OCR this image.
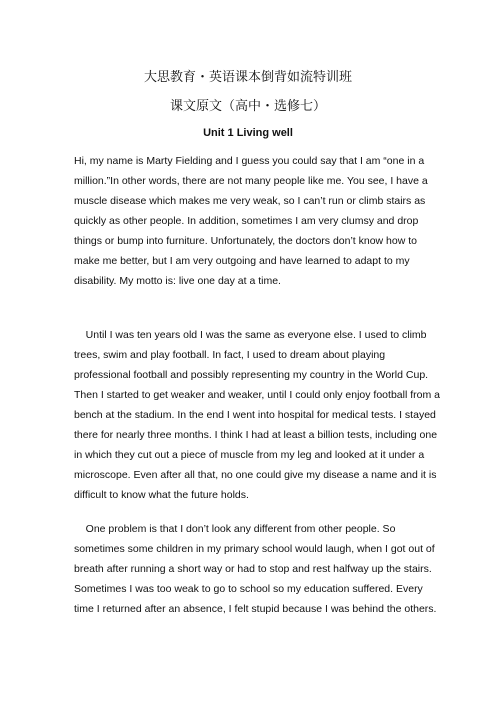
大思教育・英语课本倒背如流特训班
课文原文（高中・选修七）
Unit 1 Living well

Hi, my name is Marty Fielding and I guess you could say that I am “one in a
million.”In other words, there are not many people like me. You see, I have a
muscle disease which makes me very weak, so I can’t run or climb stairs as
quickly as other people. In addition, sometimes I am very clumsy and drop
things or bump into furniture. Unfortunately, the doctors don’t know how to
make me better, but I am very outgoing and have learned to adapt to my
disability. My motto is: live one day at a time.

Until I was ten years old I was the same as everyone else. I used to climb
trees, swim and play football. In fact, I used to dream about playing
professional football and possibly representing my country in the World Cup.
Then I started to get weaker and weaker, until I could only enjoy football from a
bench at the stadium. In the end I went into hospital for medical tests. I stayed
there for nearly three months. I think I had at least a billion tests, including one
in which they cut out a piece of muscle from my leg and looked at it under a
microscope. Even after all that, no one could give my disease a name and it is
difficult to know what the future holds.

One problem is that I don’t look any different from other people. So
sometimes some children in my primary school would laugh, when I got out of
breath after running a short way or had to stop and rest halfway up the stairs.
Sometimes I was too weak to go to school so my education suffered. Every
time I returned after an absence, I felt stupid because I was behind the others.
